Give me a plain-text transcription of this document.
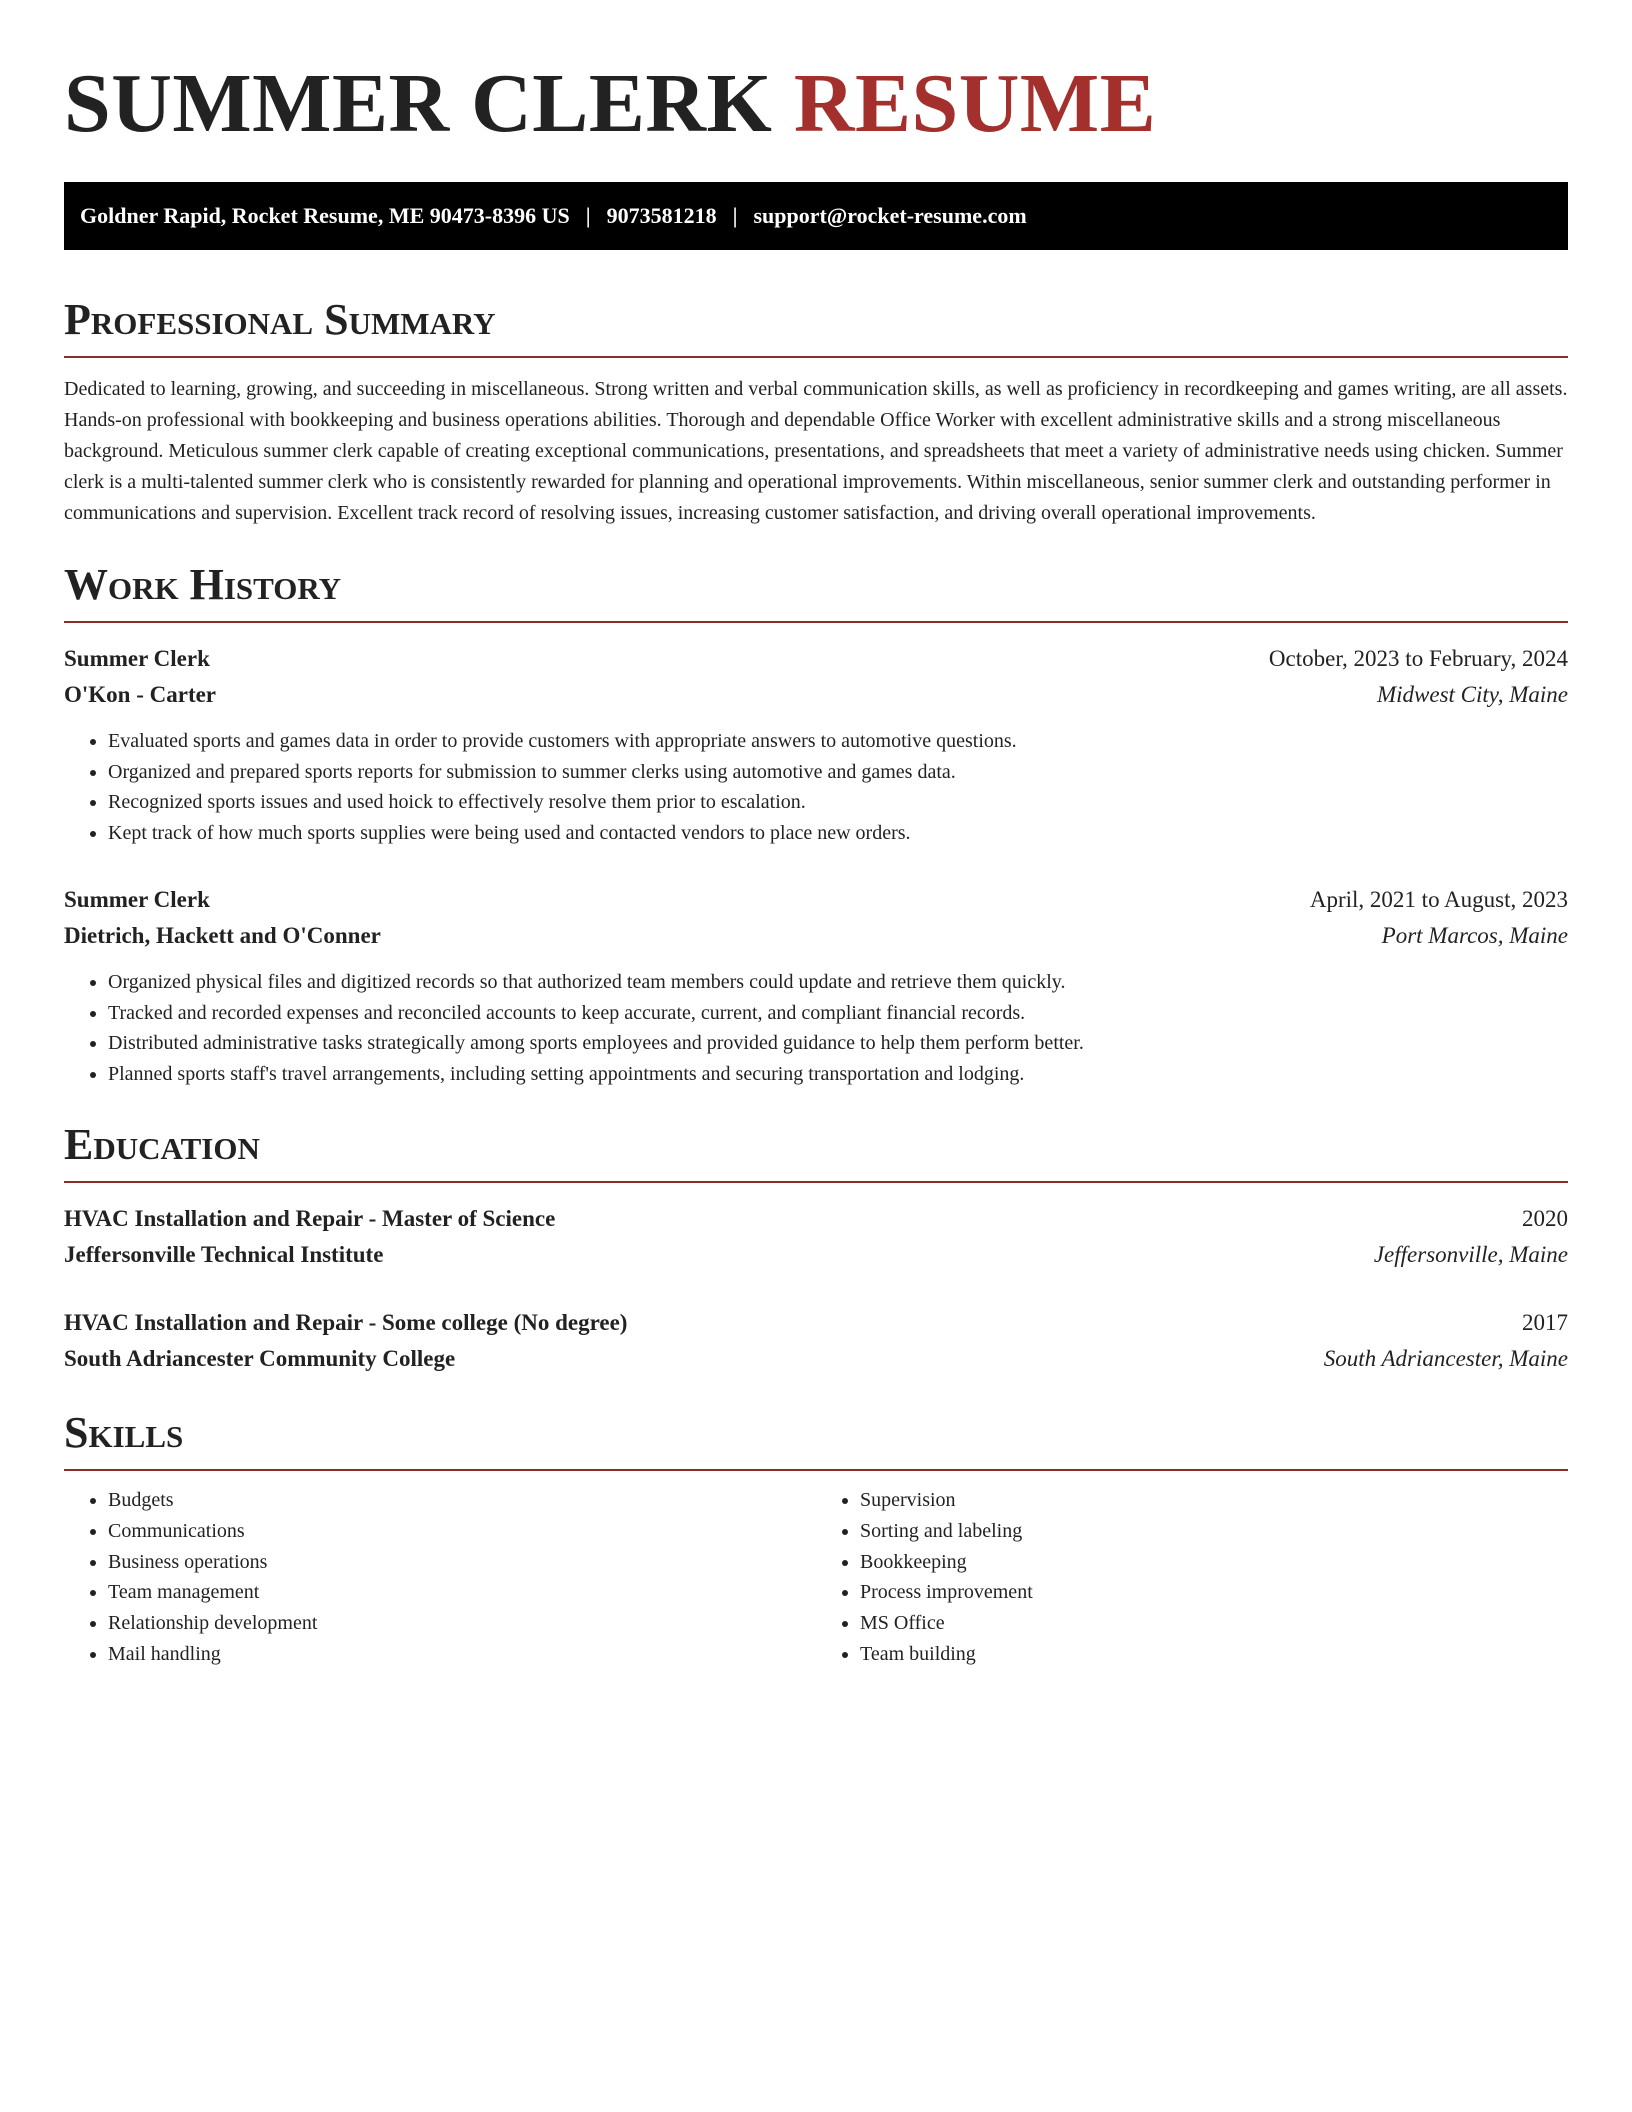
SUMMER CLERK RESUME
Goldner Rapid, Rocket Resume, ME 90473-8396 US | 9073581218 | support@rocket-resume.com
Professional Summary

Dedicated to learning, growing, and succeeding in miscellaneous. Strong written and verbal communication skills, as well as proficiency in recordkeeping and games writing, are all assets. Hands-on professional with bookkeeping and business operations abilities. Thorough and dependable Office Worker with excellent administrative skills and a strong miscellaneous background. Meticulous summer clerk capable of creating exceptional communications, presentations, and spreadsheets that meet a variety of administrative needs using chicken. Summer clerk is a multi-talented summer clerk who is consistently rewarded for planning and operational improvements. Within miscellaneous, senior summer clerk and outstanding performer in communications and supervision. Excellent track record of resolving issues, increasing customer satisfaction, and driving overall operational improvements.

Work History
Summer Clerk	October, 2023 to February, 2024
O'Kon - Carter	Midwest City, Maine
• Evaluated sports and games data in order to provide customers with appropriate answers to automotive questions.
• Organized and prepared sports reports for submission to summer clerks using automotive and games data.
• Recognized sports issues and used hoick to effectively resolve them prior to escalation.
• Kept track of how much sports supplies were being used and contacted vendors to place new orders.
Summer Clerk	April, 2021 to August, 2023
Dietrich, Hackett and O'Conner	Port Marcos, Maine
• Organized physical files and digitized records so that authorized team members could update and retrieve them quickly.
• Tracked and recorded expenses and reconciled accounts to keep accurate, current, and compliant financial records.
• Distributed administrative tasks strategically among sports employees and provided guidance to help them perform better.
• Planned sports staff's travel arrangements, including setting appointments and securing transportation and lodging.
Education
HVAC Installation and Repair - Master of Science	2020
Jeffersonville Technical Institute	Jeffersonville, Maine
HVAC Installation and Repair - Some college (No degree)	2017
South Adriancester Community College	South Adriancester, Maine
Skills
• Budgets
• Communications
• Business operations
• Team management
• Relationship development
• Mail handling
• Supervision
• Sorting and labeling
• Bookkeeping
• Process improvement
• MS Office
• Team building
